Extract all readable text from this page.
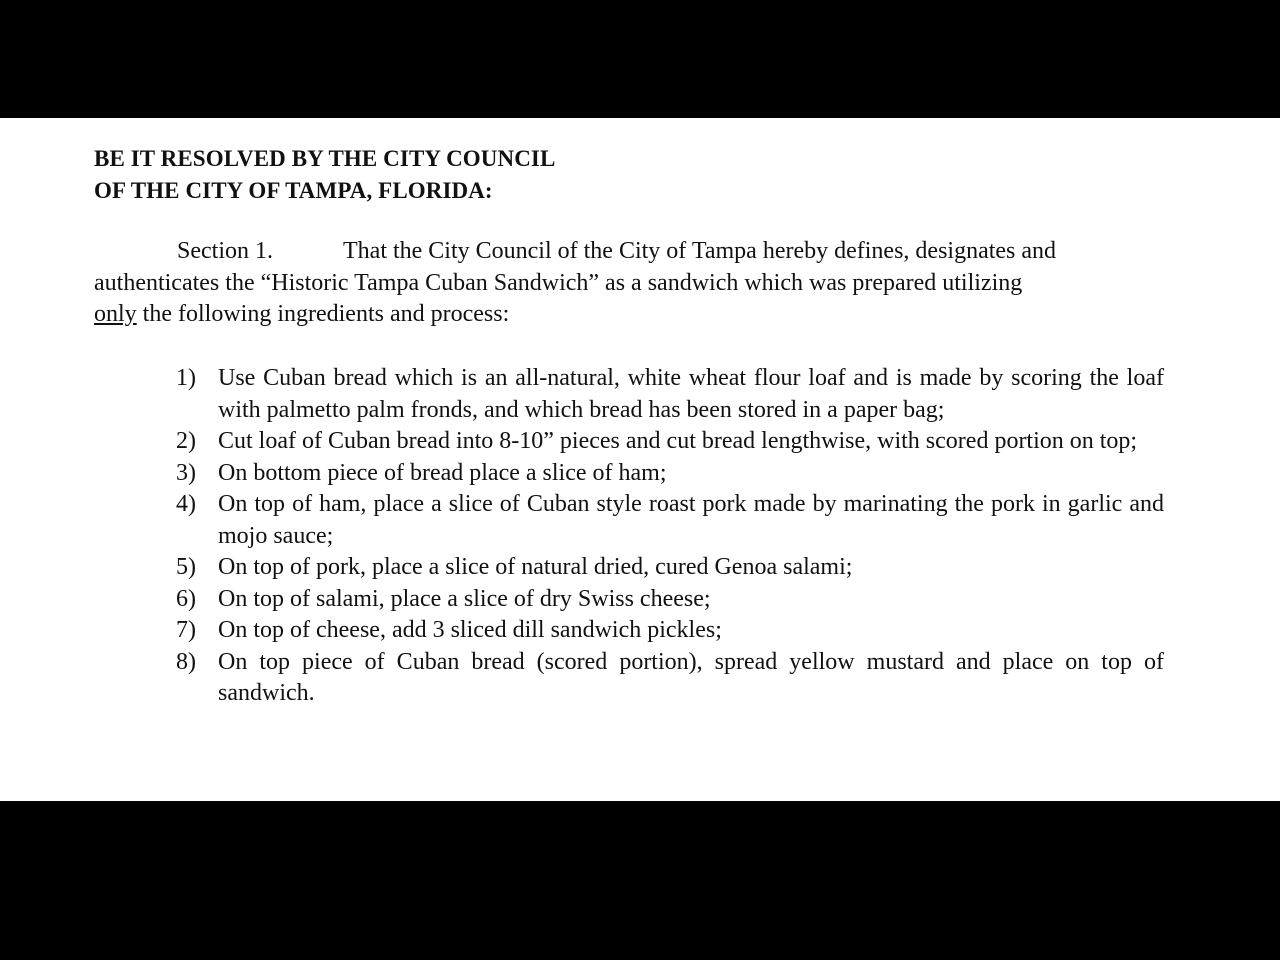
BE IT RESOLVED BY THE CITY COUNCIL
OF THE CITY OF TAMPA, FLORIDA:
Section 1.	That the City Council of the City of Tampa hereby defines, designates and
authenticates the “Historic Tampa Cuban Sandwich” as a sandwich which was prepared utilizing
only the following ingredients and process:
1) Use Cuban bread which is an all-natural, white wheat flour loaf and is made by scoring the loaf with palmetto palm fronds, and which bread has been stored in a paper bag;
2) Cut loaf of Cuban bread into 8-10” pieces and cut bread lengthwise, with scored portion on top;
3) On bottom piece of bread place a slice of ham;
4) On top of ham, place a slice of Cuban style roast pork made by marinating the pork in garlic and mojo sauce;
5) On top of pork, place a slice of natural dried, cured Genoa salami;
6) On top of salami, place a slice of dry Swiss cheese;
7) On top of cheese, add 3 sliced dill sandwich pickles;
8) On top piece of Cuban bread (scored portion), spread yellow mustard and place on top of sandwich.
